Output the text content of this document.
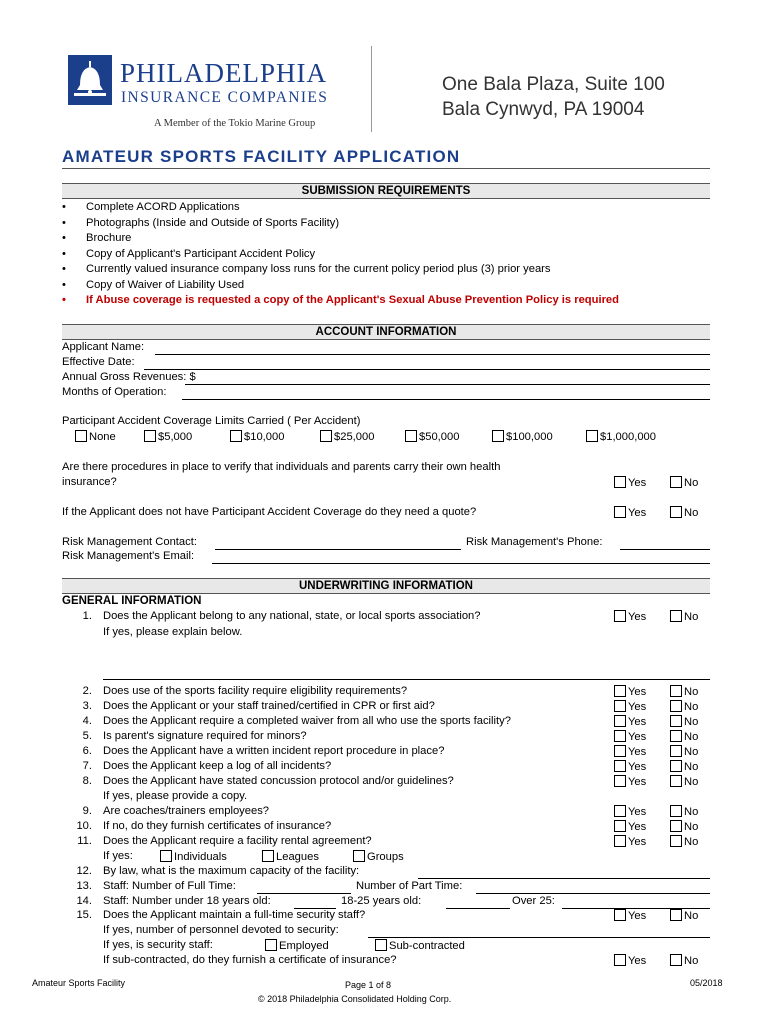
PHILADELPHIA
INSURANCE COMPANIES
A Member of the Tokio Marine Group
One Bala Plaza, Suite 100
Bala Cynwyd, PA 19004
AMATEUR SPORTS FACILITY APPLICATION
SUBMISSION REQUIREMENTS
• Complete ACORD Applications
• Photographs (Inside and Outside of Sports Facility)
• Brochure
• Copy of Applicant's Participant Accident Policy
• Currently valued insurance company loss runs for the current policy period plus (3) prior years
• Copy of Waiver of Liability Used
• If Abuse coverage is requested a copy of the Applicant's Sexual Abuse Prevention Policy is required
ACCOUNT INFORMATION
Applicant Name:
Effective Date:
Annual Gross Revenues: $
Months of Operation:
Participant Accident Coverage Limits Carried ( Per Accident)
None	$5,000	$10,000	$25,000	$50,000	$100,000	$1,000,000
Are there procedures in place to verify that individuals and parents carry their own health
insurance?	Yes	No
If the Applicant does not have Participant Accident Coverage do they need a quote?	Yes	No
Risk Management Contact:	Risk Management's Phone:
Risk Management's Email:
UNDERWRITING INFORMATION
GENERAL INFORMATION
1. Does the Applicant belong to any national, state, or local sports association?	Yes	No
If yes, please explain below.
2. Does use of the sports facility require eligibility requirements?	Yes	No
3. Does the Applicant or your staff trained/certified in CPR or first aid?	Yes	No
4. Does the Applicant require a completed waiver from all who use the sports facility?	Yes	No
5. Is parent's signature required for minors?	Yes	No
6. Does the Applicant have a written incident report procedure in place?	Yes	No
7. Does the Applicant keep a log of all incidents?	Yes	No
8. Does the Applicant have stated concussion protocol and/or guidelines?	Yes	No
If yes, please provide a copy.
9. Are coaches/trainers employees?	Yes	No
10. If no, do they furnish certificates of insurance?	Yes	No
11. Does the Applicant require a facility rental agreement?	Yes	No
If yes:	Individuals	Leagues	Groups
12. By law, what is the maximum capacity of the facility:
13. Staff: Number of Full Time:	Number of Part Time:
14. Staff: Number under 18 years old:	18-25 years old:	Over 25:
15. Does the Applicant maintain a full-time security staff?	Yes	No
If yes, number of personnel devoted to security:
If yes, is security staff:	Employed	Sub-contracted
If sub-contracted, do they furnish a certificate of insurance?	Yes	No
Amateur Sports Facility	Page 1 of 8
© 2018 Philadelphia Consolidated Holding Corp.
05/2018
